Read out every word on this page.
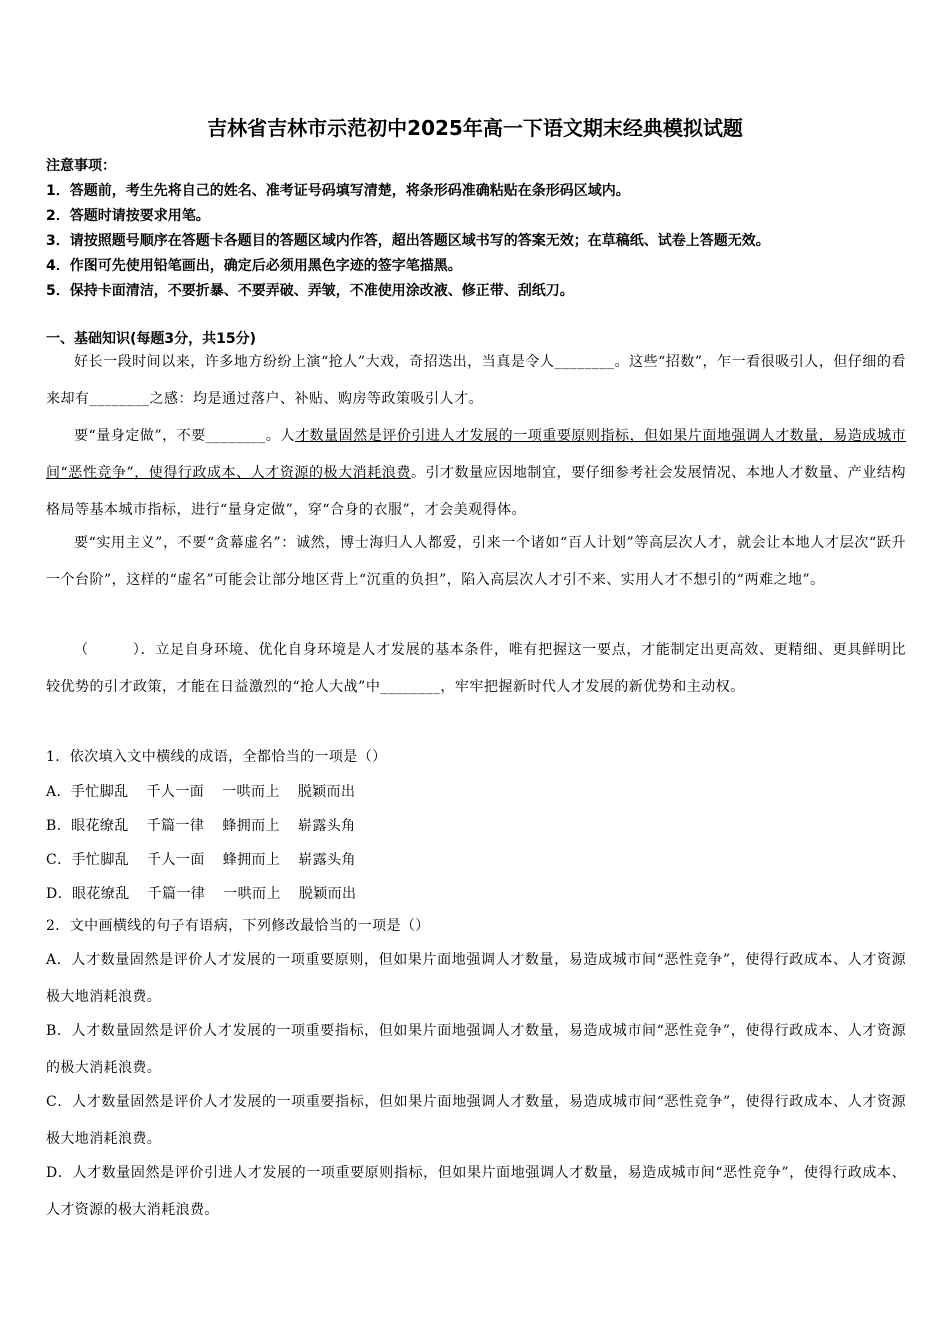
吉林省吉林市示范初中2025年高一下语文期末经典模拟试题
注意事项：
1．答题前，考生先将自己的姓名、准考证号码填写清楚，将条形码准确粘贴在条形码区域内。
2．答题时请按要求用笔。
3．请按照题号顺序在答题卡各题目的答题区域内作答，超出答题区域书写的答案无效；在草稿纸、试卷上答题无效。
4．作图可先使用铅笔画出，确定后必须用黑色字迹的签字笔描黑。
5．保持卡面清洁，不要折暴、不要弄破、弄皱，不准使用涂改液、修正带、刮纸刀。
一、基础知识(每题3分，共15分)
好长一段时间以来，许多地方纷纷上演“抢人”大戏，奇招迭出，当真是令人________。这些“招数”，乍一看很吸引人，但仔细的看来却有________之感：均是通过落户、补贴、购房等政策吸引人才。
要“量身定做”，不要________。人才数量固然是评价引进人才发展的一项重要原则指标，但如果片面地强调人才数量，易造成城市间“恶性竞争”，使得行政成本、人才资源的极大消耗浪费。引才数量应因地制宜，要仔细参考社会发展情况、本地人才数量、产业结构格局等基本城市指标，进行“量身定做”，穿“合身的衣服”，才会美观得体。
要“实用主义”，不要“贪幕虚名”：诚然，博士海归人人都爱，引来一个诸如“百人计划”等高层次人才，就会让本地人才层次“跃升一个台阶”，这样的“虚名”可能会让部分地区背上“沉重的负担”，陷入高层次人才引不来、实用人才不想引的“两难之地”。
（　　　）．立足自身环境、优化自身环境是人才发展的基本条件，唯有把握这一要点，才能制定出更高效、更精细、更具鲜明比较优势的引才政策，才能在日益激烈的“抢人大战”中________，牢牢把握新时代人才发展的新优势和主动权。
1．依次填入文中横线的成语，全都恰当的一项是（）
A．手忙脚乱 千人一面 一哄而上 脱颖而出
B．眼花缭乱 千篇一律 蜂拥而上 崭露头角
C．手忙脚乱 千人一面 蜂拥而上 崭露头角
D．眼花缭乱 千篇一律 一哄而上 脱颖而出
2．文中画横线的句子有语病，下列修改最恰当的一项是（）
A．人才数量固然是评价人才发展的一项重要原则，但如果片面地强调人才数量，易造成城市间“恶性竞争”，使得行政成本、人才资源极大地消耗浪费。
B．人才数量固然是评价人才发展的一项重要指标，但如果片面地强调人才数量，易造成城市间“恶性竞争”，使得行政成本、人才资源的极大消耗浪费。
C．人才数量固然是评价人才发展的一项重要指标，但如果片面地强调人才数量，易造成城市间“恶性竞争”，使得行政成本、人才资源极大地消耗浪费。
D．人才数量固然是评价引进人才发展的一项重要原则指标，但如果片面地强调人才数量，易造成城市间“恶性竞争”，使得行政成本、人才资源的极大消耗浪费。
